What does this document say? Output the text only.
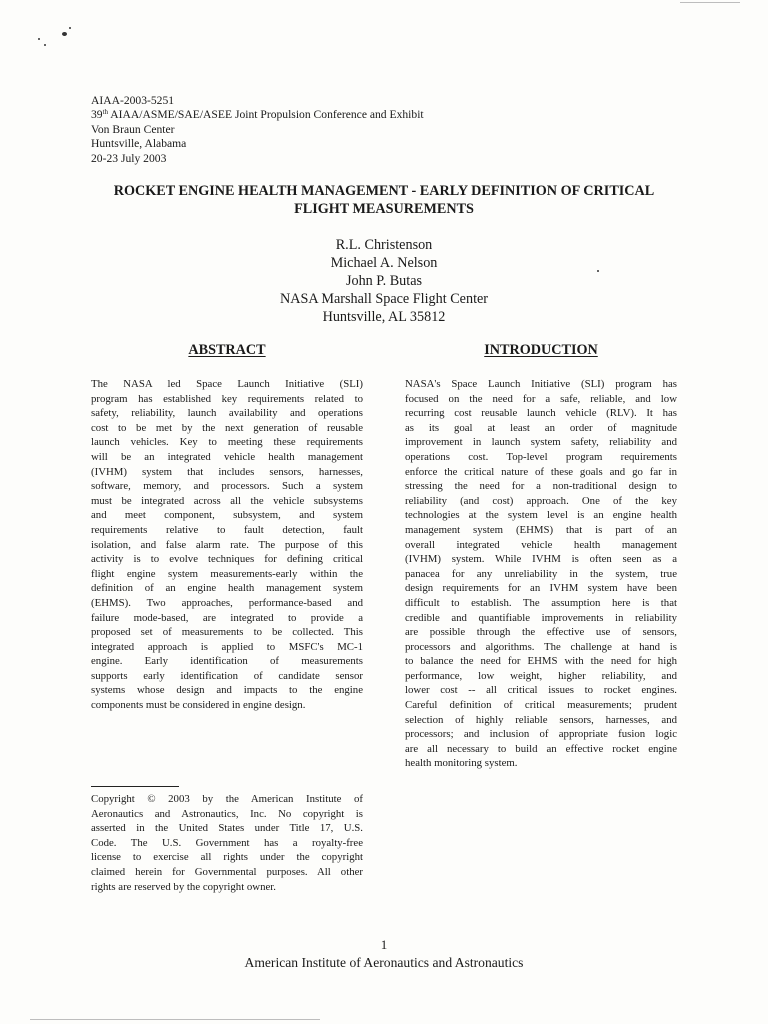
AIAA-2003-5251
39th AIAA/ASME/SAE/ASEE Joint Propulsion Conference and Exhibit
Von Braun Center
Huntsville, Alabama
20-23 July 2003
ROCKET ENGINE HEALTH MANAGEMENT - EARLY DEFINITION OF CRITICAL
FLIGHT MEASUREMENTS
R.L. Christenson
Michael A. Nelson
John P. Butas
NASA Marshall Space Flight Center
Huntsville, AL 35812
ABSTRACT	INTRODUCTION
The NASA led Space Launch Initiative (SLI)
program has established key requirements related to
safety, reliability, launch availability and operations
cost to be met by the next generation of reusable
launch vehicles. Key to meeting these requirements
will be an integrated vehicle health management
(IVHM) system that includes sensors, harnesses,
software, memory, and processors. Such a system
must be integrated across all the vehicle subsystems
and meet component, subsystem, and system
requirements relative to fault detection, fault
isolation, and false alarm rate. The purpose of this
activity is to evolve techniques for defining critical
flight engine system measurements-early within the
definition of an engine health management system
(EHMS). Two approaches, performance-based and
failure mode-based, are integrated to provide a
proposed set of measurements to be collected. This
integrated approach is applied to MSFC's MC-1
engine. Early identification of measurements
supports early identification of candidate sensor
systems whose design and impacts to the engine
components must be considered in engine design.
NASA's Space Launch Initiative (SLI) program has
focused on the need for a safe, reliable, and low
recurring cost reusable launch vehicle (RLV). It has
as its goal at least an order of magnitude
improvement in launch system safety, reliability and
operations cost. Top-level program requirements
enforce the critical nature of these goals and go far in
stressing the need for a non-traditional design to
reliability (and cost) approach. One of the key
technologies at the system level is an engine health
management system (EHMS) that is part of an
overall integrated vehicle health management
(IVHM) system. While IVHM is often seen as a
panacea for any unreliability in the system, true
design requirements for an IVHM system have been
difficult to establish. The assumption here is that
credible and quantifiable improvements in reliability
are possible through the effective use of sensors,
processors and algorithms. The challenge at hand is
to balance the need for EHMS with the need for high
performance, low weight, higher reliability, and
lower cost -- all critical issues to rocket engines.
Careful definition of critical measurements; prudent
selection of highly reliable sensors, harnesses, and
processors; and inclusion of appropriate fusion logic
are all necessary to build an effective rocket engine
health monitoring system.
Copyright © 2003 by the American Institute of
Aeronautics and Astronautics, Inc. No copyright is
asserted in the United States under Title 17, U.S.
Code. The U.S. Government has a royalty-free
license to exercise all rights under the copyright
claimed herein for Governmental purposes. All other
rights are reserved by the copyright owner.
1
American Institute of Aeronautics and Astronautics
